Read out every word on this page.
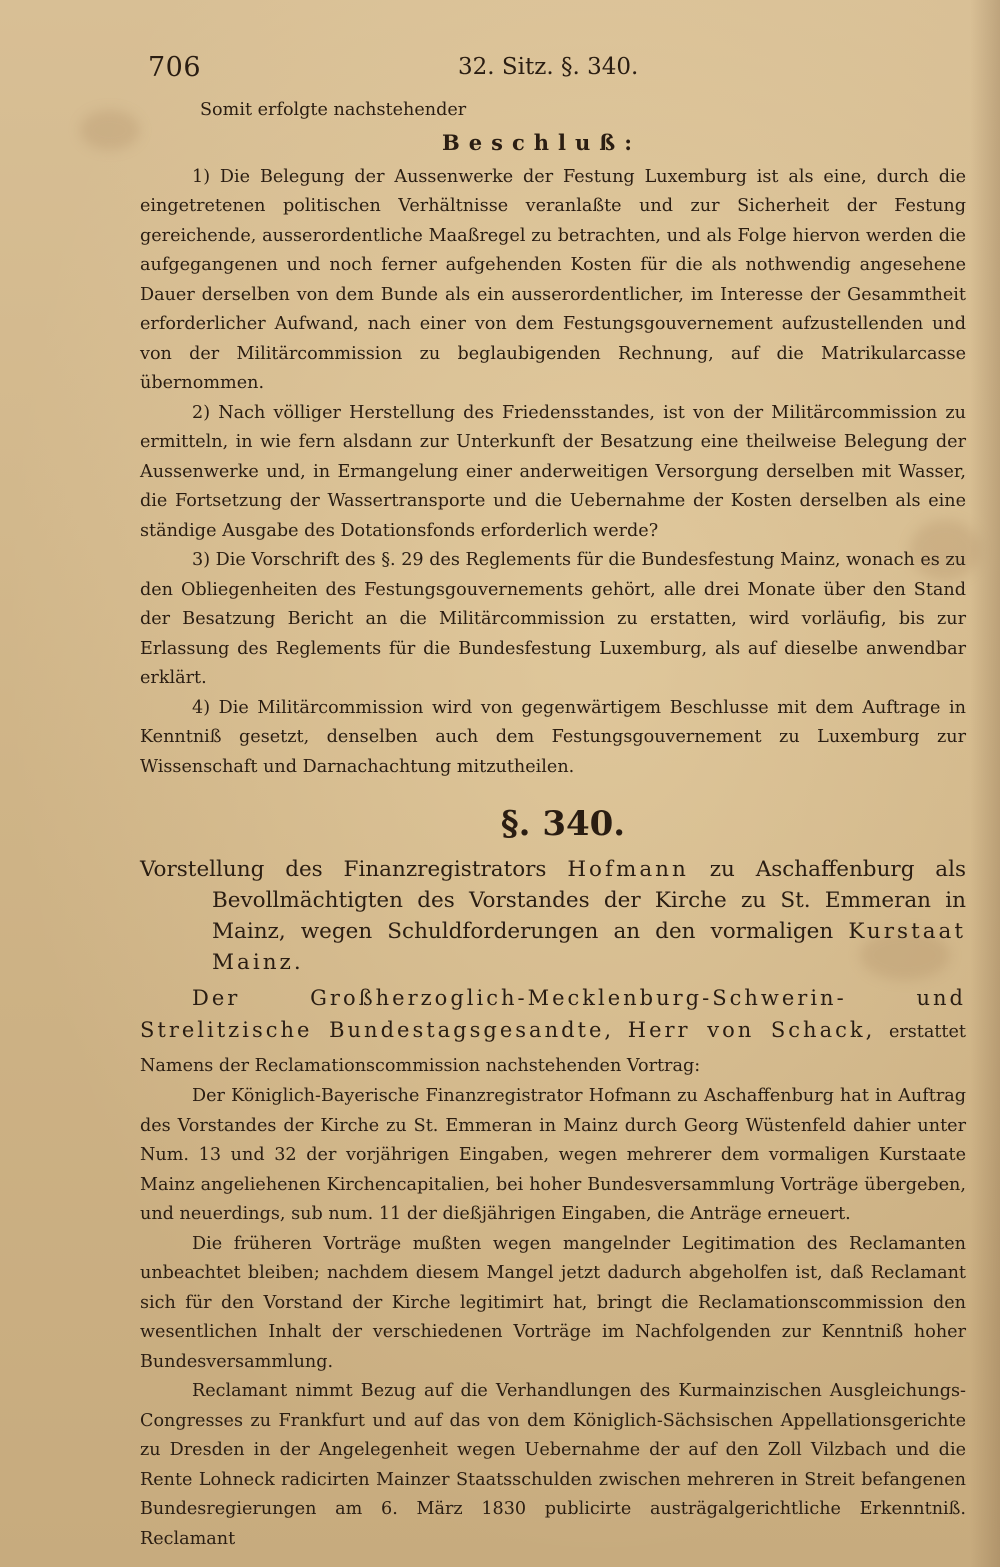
706	32. Sitz. §. 340.

Somit erfolgte nachstehender

Beschluß:

1) Die Belegung der Aussenwerke der Festung Luxemburg ist als eine, durch die eingetretenen politischen Verhältnisse veranlaßte und zur Sicherheit der Festung gereichende, ausserordentliche Maaßregel zu betrachten, und als Folge hiervon werden die aufgegangenen und noch ferner aufgehenden Kosten für die als nothwendig angesehene Dauer derselben von dem Bunde als ein ausserordentlicher, im Interesse der Gesammtheit erforderlicher Aufwand, nach einer von dem Festungsgouvernement aufzustellenden und von der Militärcommission zu beglaubigenden Rechnung, auf die Matrikularcasse übernommen.

2) Nach völliger Herstellung des Friedensstandes, ist von der Militärcommission zu ermitteln, in wie fern alsdann zur Unterkunft der Besatzung eine theilweise Belegung der Aussenwerke und, in Ermangelung einer anderweitigen Versorgung derselben mit Wasser, die Fortsetzung der Wassertransporte und die Uebernahme der Kosten derselben als eine ständige Ausgabe des Dotationsfonds erforderlich werde?

3) Die Vorschrift des §. 29 des Reglements für die Bundesfestung Mainz, wonach es zu den Obliegenheiten des Festungsgouvernements gehört, alle drei Monate über den Stand der Besatzung Bericht an die Militärcommission zu erstatten, wird vorläufig, bis zur Erlassung des Reglements für die Bundesfestung Luxemburg, als auf dieselbe anwendbar erklärt.

4) Die Militärcommission wird von gegenwärtigem Beschlusse mit dem Auftrage in Kenntniß gesetzt, denselben auch dem Festungsgouvernement zu Luxemburg zur Wissenschaft und Darnachachtung mitzutheilen.

§. 340.
Vorstellung des Finanzregistrators Hofmann zu Aschaffenburg als Bevollmächtigten des Vorstandes der Kirche zu St. Emmeran in Mainz, wegen Schuldforderungen an den vormaligen Kurstaat Mainz.

Der Großherzoglich-Mecklenburg-Schwerin- und Strelitzische Bundestagsgesandte, Herr von Schack, erstattet Namens der Reclamationscommission nachstehenden Vortrag:

Der Königlich-Bayerische Finanzregistrator Hofmann zu Aschaffenburg hat in Auftrag des Vorstandes der Kirche zu St. Emmeran in Mainz durch Georg Wüstenfeld dahier unter Num. 13 und 32 der vorjährigen Eingaben, wegen mehrerer dem vormaligen Kurstaate Mainz angeliehenen Kirchencapitalien, bei hoher Bundesversammlung Vorträge übergeben, und neuerdings, sub num. 11 der dießjährigen Eingaben, die Anträge erneuert.

Die früheren Vorträge mußten wegen mangelnder Legitimation des Reclamanten unbeachtet bleiben; nachdem diesem Mangel jetzt dadurch abgeholfen ist, daß Reclamant sich für den Vorstand der Kirche legitimirt hat, bringt die Reclamationscommission den wesentlichen Inhalt der verschiedenen Vorträge im Nachfolgenden zur Kenntniß hoher Bundesversammlung.

Reclamant nimmt Bezug auf die Verhandlungen des Kurmainzischen Ausgleichungs-Congresses zu Frankfurt und auf das von dem Königlich-Sächsischen Appellationsgerichte zu Dresden in der Angelegenheit wegen Uebernahme der auf den Zoll Vilzbach und die Rente Lohneck radicirten Mainzer Staatsschulden zwischen mehreren in Streit befangenen Bundesregierungen am 6. März 1830 publicirte austrägalgerichtliche Erkenntniß. Reclamant
